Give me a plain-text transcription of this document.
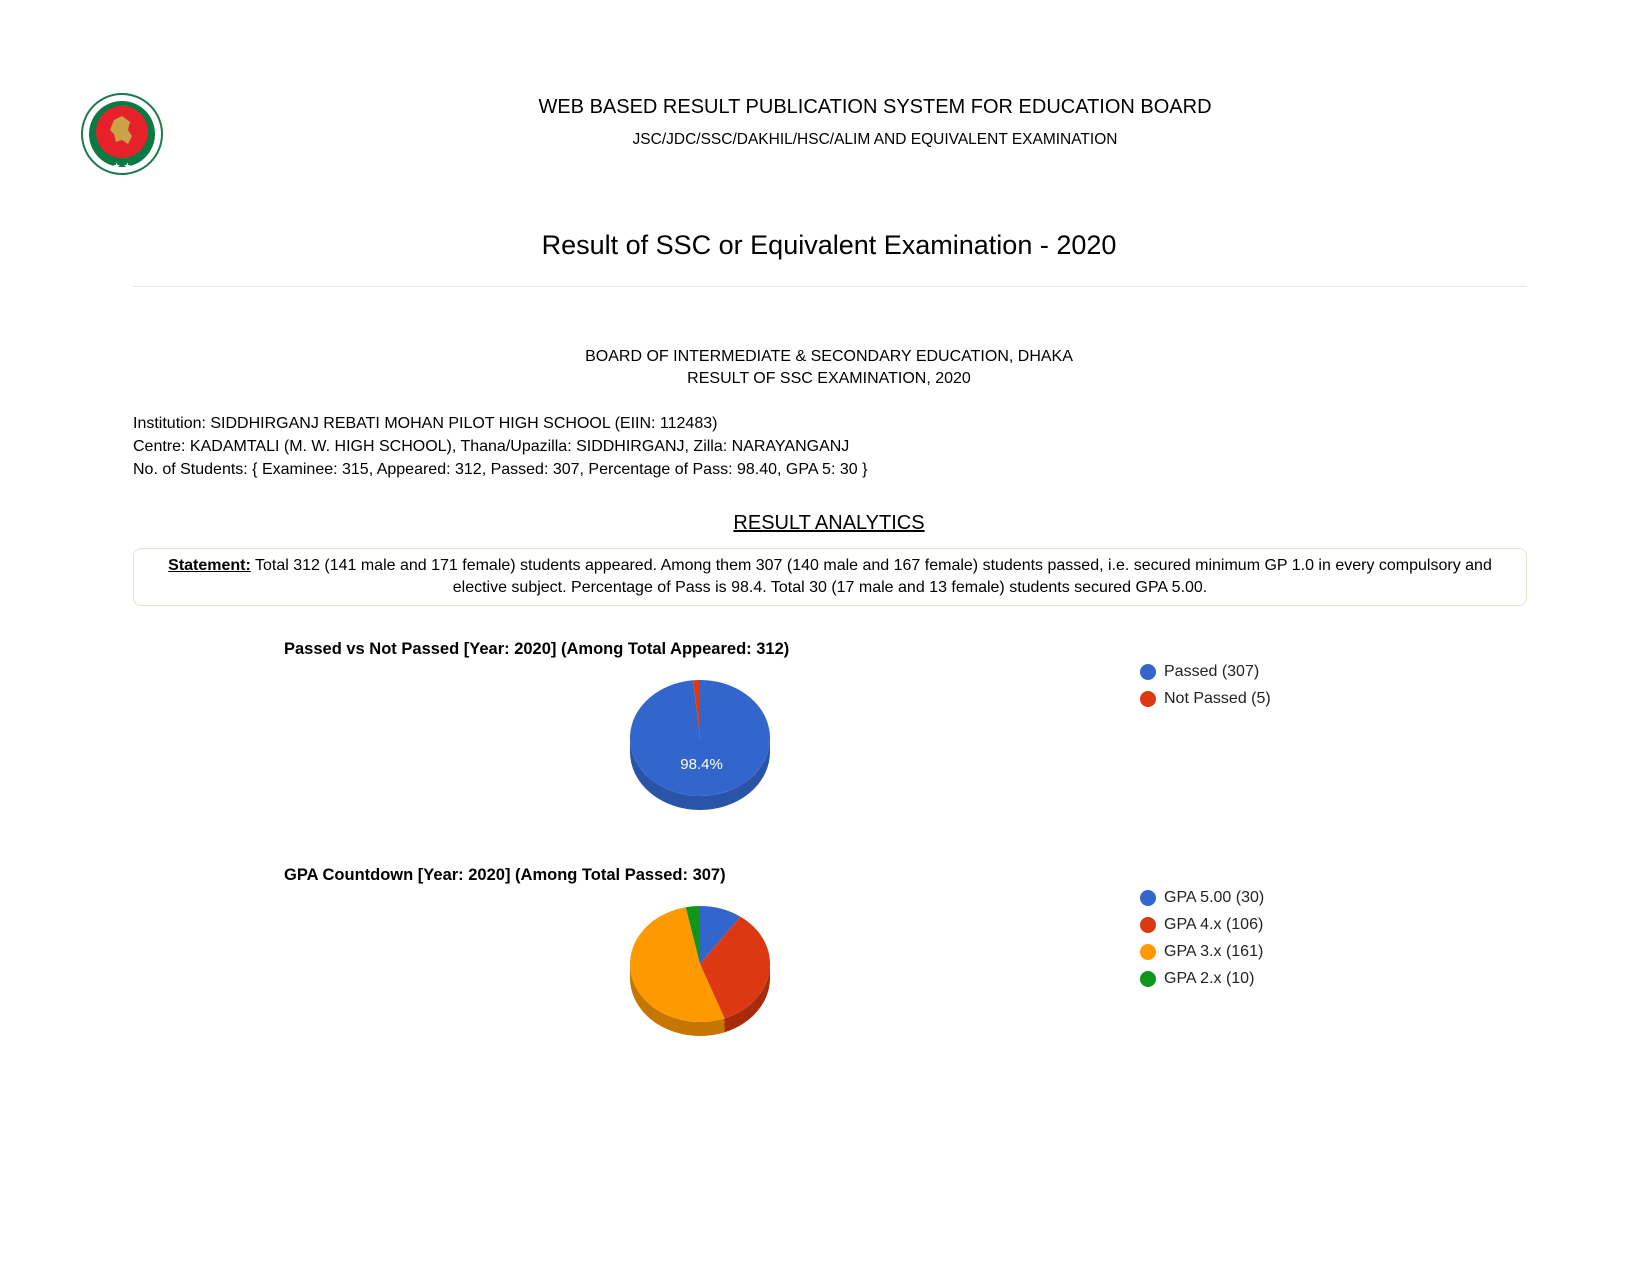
★ ★
WEB BASED RESULT PUBLICATION SYSTEM FOR EDUCATION BOARD
JSC/JDC/SSC/DAKHIL/HSC/ALIM AND EQUIVALENT EXAMINATION
Result of SSC or Equivalent Examination - 2020
BOARD OF INTERMEDIATE & SECONDARY EDUCATION, DHAKA
RESULT OF SSC EXAMINATION, 2020
Institution: SIDDHIRGANJ REBATI MOHAN PILOT HIGH SCHOOL (EIIN: 112483)
Centre: KADAMTALI (M. W. HIGH SCHOOL), Thana/Upazilla: SIDDHIRGANJ, Zilla: NARAYANGANJ
No. of Students: { Examinee: 315, Appeared: 312, Passed: 307, Percentage of Pass: 98.40, GPA 5: 30 }
RESULT ANALYTICS
Statement: Total 312 (141 male and 171 female) students appeared. Among them 307 (140 male and 167 female) students passed, i.e. secured minimum GP 1.0 in every compulsory and elective subject. Percentage of Pass is 98.4. Total 30 (17 male and 13 female) students secured GPA 5.00.
Passed vs Not Passed [Year: 2020] (Among Total Appeared: 312)
98.4%
Passed (307)
Not Passed (5)
GPA Countdown [Year: 2020] (Among Total Passed: 307)
GPA 5.00 (30)
GPA 4.x (106)
GPA 3.x (161)
GPA 2.x (10)
